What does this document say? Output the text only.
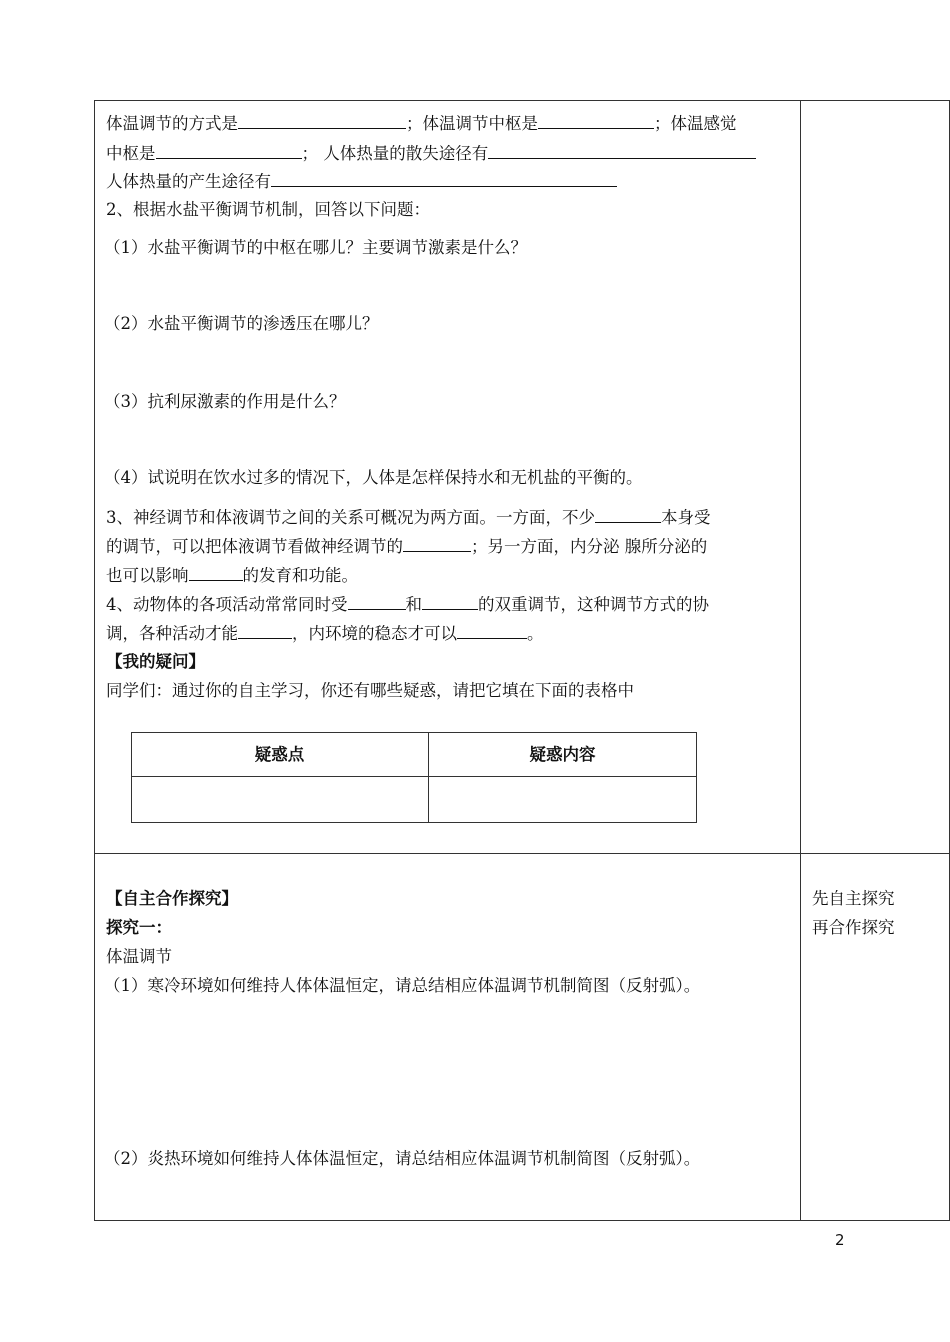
体温调节的方式是	；体温调节中枢是	；体温感觉
中枢是	； 人体热量的散失途径有
人体热量的产生途径有
2、根据水盐平衡调节机制，回答以下问题：
（1）水盐平衡调节的中枢在哪儿？主要调节激素是什么？
（2）水盐平衡调节的渗透压在哪儿？
（3）抗利尿激素的作用是什么？
（4）试说明在饮水过多的情况下，人体是怎样保持水和无机盐的平衡的。
3、神经调节和体液调节之间的关系可概况为两方面。一方面，不少	本身受
的调节，可以把体液调节看做神经调节的	；另一方面，内分泌 腺所分泌的
也可以影响	的发育和功能。
4、动物体的各项活动常常同时受	和	的双重调节，这种调节方式的协
调，各种活动才能	，内环境的稳态才可以	。
【我的疑问】
同学们：通过你的自主学习，你还有哪些疑惑，请把它填在下面的表格中
疑惑点	疑惑内容
【自主合作探究】
探究一：
体温调节
（1）寒冷环境如何维持人体体温恒定，请总结相应体温调节机制简图（反射弧）。
（2）炎热环境如何维持人体体温恒定，请总结相应体温调节机制简图（反射弧）。
先自主探究
再合作探究
2
